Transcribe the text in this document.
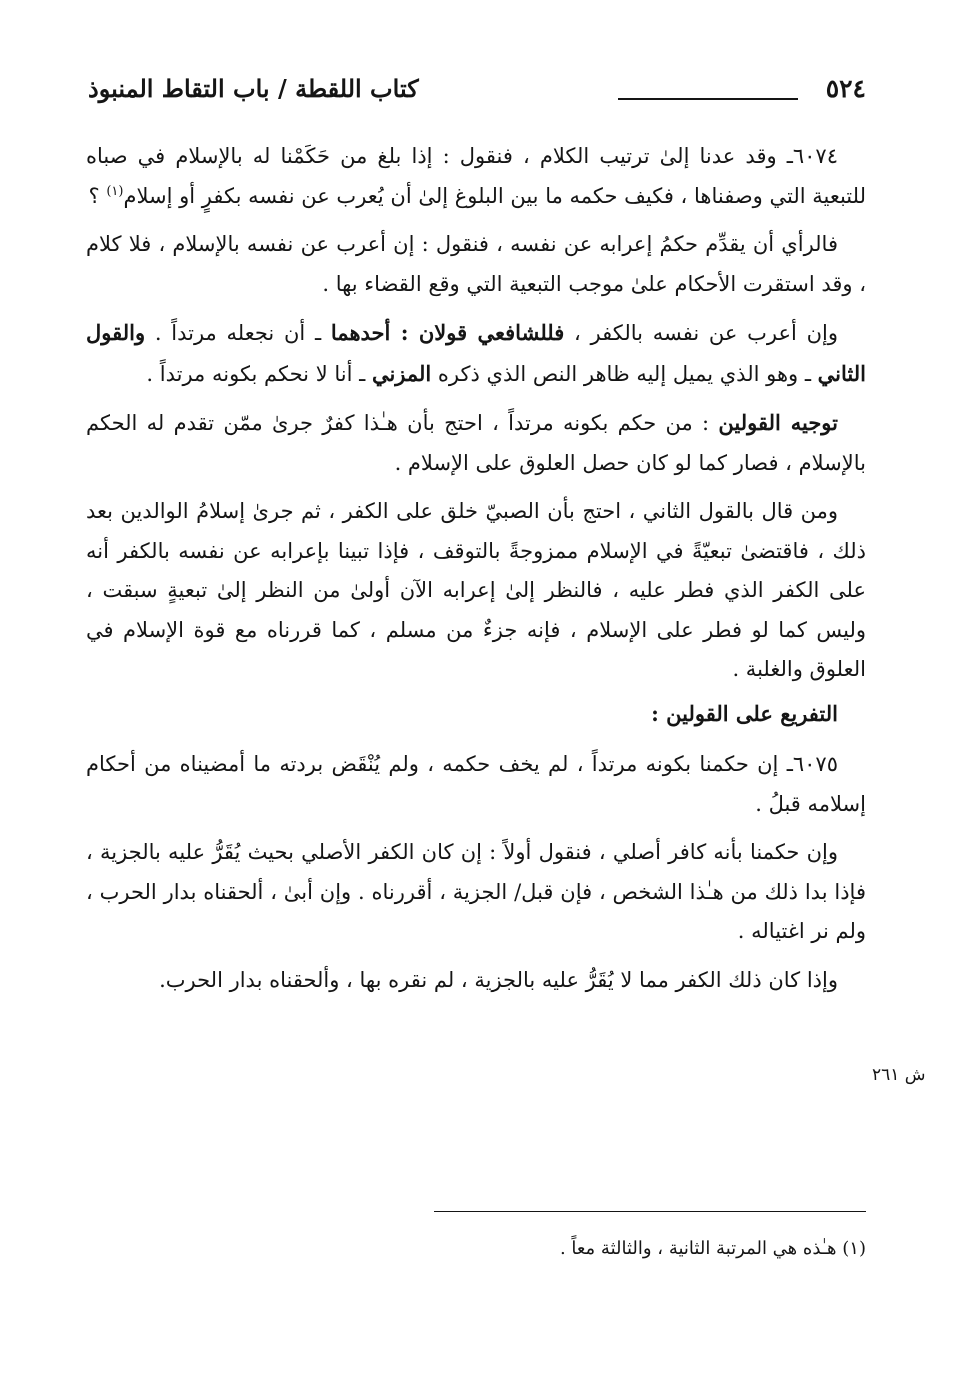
٥٢٤
كتاب اللقطة / باب التقاط المنبوذ

٦٠٧٤ـ وقد عدنا إلىٰ ترتيب الكلام ، فنقول : إذا بلغ من حَكَمْنا له بالإسلام في صباه للتبعية التي وصفناها ، فكيف حكمه ما بين البلوغ إلىٰ أن يُعرب عن نفسه بكفرٍ أو إسلام$^{(١)}$ ؟

فالرأي أن يقدِّم حكمُ إعرابه عن نفسه ، فنقول : إن أعرب عن نفسه بالإسلام ، فلا كلام ، وقد استقرت الأحكام علىٰ موجب التبعية التي وقع القضاء بها .

وإن أعرب عن نفسه بالكفر ، فللشافعي قولان : أحدهما ـ أن نجعله مرتداً . والقول الثاني ـ وهو الذي يميل إليه ظاهر النص الذي ذكره المزني ـ أنا لا نحكم بكونه مرتداً .

توجيه القولين : من حكم بكونه مرتداً ، احتج بأن هـٰذا كفرٌ جرىٰ ممّن تقدم له الحكم بالإسلام ، فصار كما لو كان حصل العلوق على الإسلام .

ومن قال بالقول الثاني ، احتج بأن الصبيّ خلق على الكفر ، ثم جرىٰ إسلامُ الوالدين بعد ذلك ، فاقتضىٰ تبعيّةً في الإسلام ممزوجةً بالتوقف ، فإذا تبينا بإعرابه عن نفسه بالكفر أنه على الكفر الذي فطر عليه ، فالنظر إلىٰ إعرابه الآن أولىٰ من النظر إلىٰ تبعيةٍ سبقت ، وليس كما لو فطر على الإسلام ، فإنه جزءٌ من مسلم ، كما قررناه مع قوة الإسلام في العلوق والغلبة .

التفريع على القولين :

٦٠٧٥ـ إن حكمنا بكونه مرتداً ، لم يخف حكمه ، ولم يُنْقَض بردته ما أمضيناه من أحكام إسلامه قبلُ .

وإن حكمنا بأنه كافر أصلي ، فنقول أولاً : إن كان الكفر الأصلي بحيث يُقَرُّ عليه بالجزية ، فإذا بدا ذلك من هـٰذا الشخص ، فإن قبل/ الجزية ، أقررناه . وإن أبىٰ ، ألحقناه بدار الحرب ، ولم نر اغتياله .

وإذا كان ذلك الكفر مما لا يُقَرُّ عليه بالجزية ، لم نقره بها ، وألحقناه بدار الحرب.

ش ٢٦١
(١) هـٰذه هي المرتبة الثانية ، والثالثة معاً .
